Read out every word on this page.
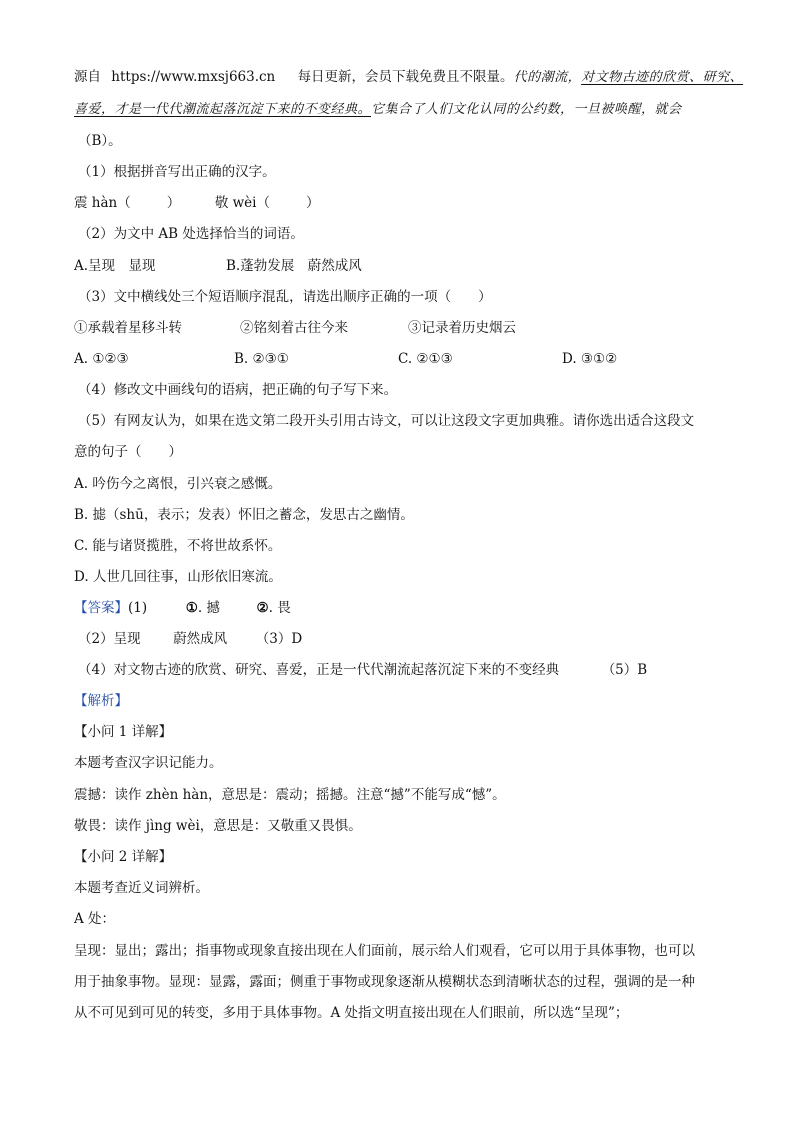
源自 https://www.mxsj663.cn 每日更新，会员下载免费且不限量。代的潮流，对文物古迹的欣赏、研究、
喜爱，才是一代代潮流起落沉淀下来的不变经典。它集合了人们文化认同的公约数，一旦被唤醒，就会
（B）。
（1）根据拼音写出正确的汉字。
震 hàn（	）	敬 wèi（	）
（2）为文中 AB 处选择恰当的词语。
A.呈现　显现	B.蓬勃发展　蔚然成风
（3）文中横线处三个短语顺序混乱，请选出顺序正确的一项（　　）
①承载着星移斗转	②铭刻着古往今来	③记录着历史烟云
A. ①②③	B. ②③①	C. ②①③	D. ③①②
（4）修改文中画线句的语病，把正确的句子写下来。
（5）有网友认为，如果在选文第二段开头引用古诗文，可以让这段文字更加典雅。请你选出适合这段文
意的句子（　　）
A. 吟伤今之离恨，引兴衰之感慨。
B. 摅（shū，表示；发表）怀旧之蓄念，发思古之幽情。
C. 能与诸贤揽胜，不将世故系怀。
D. 人世几回往事，山形依旧寒流。
【答案】(1)	①. 撼	②. 畏
（2）呈现 蔚然成风 （3）D
（4）对文物古迹的欣赏、研究、喜爱，正是一代代潮流起落沉淀下来的不变经典	（5）B
【解析】
【小问 1 详解】
本题考查汉字识记能力。
震撼：读作 zhèn hàn，意思是：震动；摇撼。注意“撼”不能写成“憾”。
敬畏：读作 jìng wèi，意思是：又敬重又畏惧。
【小问 2 详解】
本题考查近义词辨析。
A 处：
呈现：显出；露出；指事物或现象直接出现在人们面前，展示给人们观看，它可以用于具体事物，也可以
用于抽象事物。显现：显露，露面；侧重于事物或现象逐渐从模糊状态到清晰状态的过程，强调的是一种
从不可见到可见的转变，多用于具体事物。A 处指文明直接出现在人们眼前，所以选“呈现”；
